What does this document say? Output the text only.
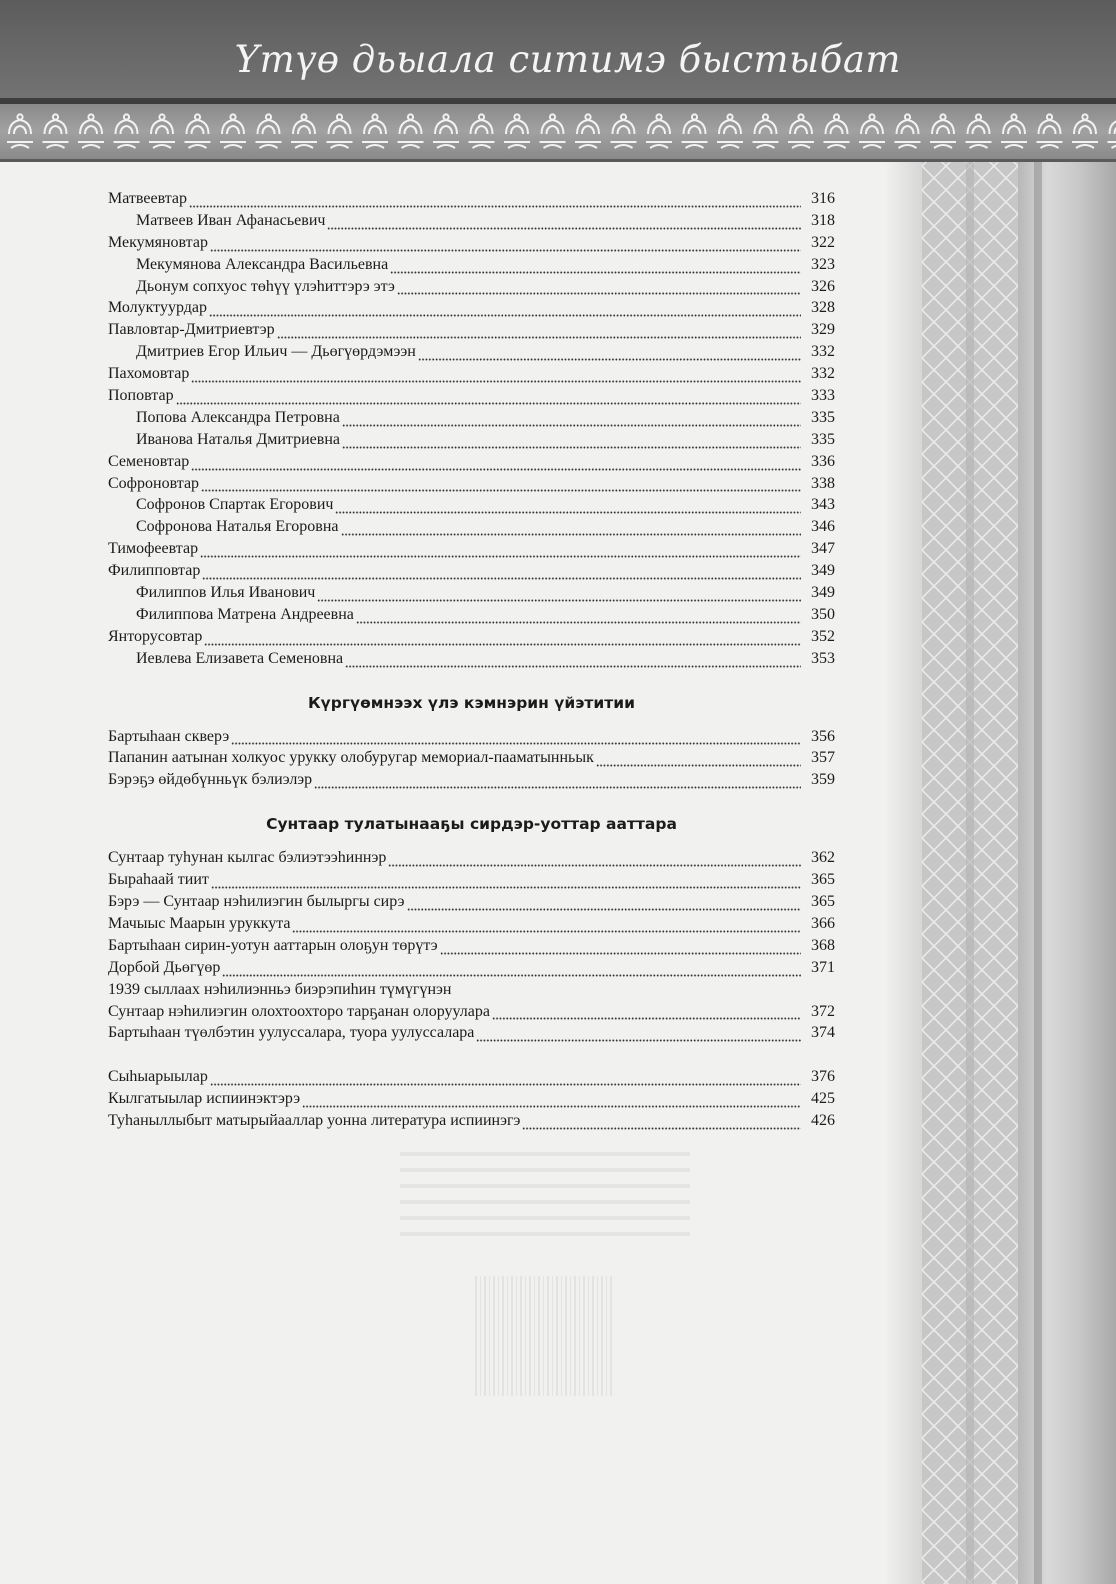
Үтүө дьыала ситимэ быстыбат
Матвеевтар	316
Матвеев Иван Афанасьевич	318
Мекумяновтар	322
Мекумянова Александра Васильевна	323
Дьонум сопхуос төһүү үлэһиттэрэ этэ	326
Молуктуурдар	328
Павловтар-Дмитриевтэр	329
Дмитриев Егор Ильич — Дьөгүөрдэмээн	332
Пахомовтар	332
Поповтар	333
Попова Александра Петровна	335
Иванова Наталья Дмитриевна	335
Семеновтар	336
Софроновтар	338
Софронов Спартак Егорович	343
Софронова Наталья Егоровна	346
Тимофеевтар	347
Филипповтар	349
Филиппов Илья Иванович	349
Филиппова Матрена Андреевна	350
Янторусовтар	352
Иевлева Елизавета Семеновна	353
Күргүөмнээх үлэ кэмнэрин үйэтитии
Бартыһаан скверэ	356
Папанин аатынан холкуос урукку олобуругар мемориал-пааматынньык	357
Бэрэҕэ өйдөбүнньүк бэлиэлэр	359
Сунтаар тулатынааҕы сирдэр-уоттар ааттара
Сунтаар туһунан кылгас бэлиэтээһиннэр	362
Быраһаай тиит	365
Бэрэ — Сунтаар нэһилиэгин былыргы сирэ	365
Мачыыс Маарын уруккута	366
Бартыһаан сирин-уотун ааттарын олоҕун төрүтэ	368
Дорбой Дьөгүөр	371
1939 сыллаах нэһилиэнньэ биэрэпиһин түмүгүнэн
Сунтаар нэһилиэгин олохтоохторо тарҕанан олоруулара	372
Бартыһаан түөлбэтин уулуссалара, туора уулуссалара	374
Сыһыарыылар	376
Кылгатыылар испиинэктэрэ	425
Туһаныллыбыт матырыйааллар уонна литература испиинэгэ	426
